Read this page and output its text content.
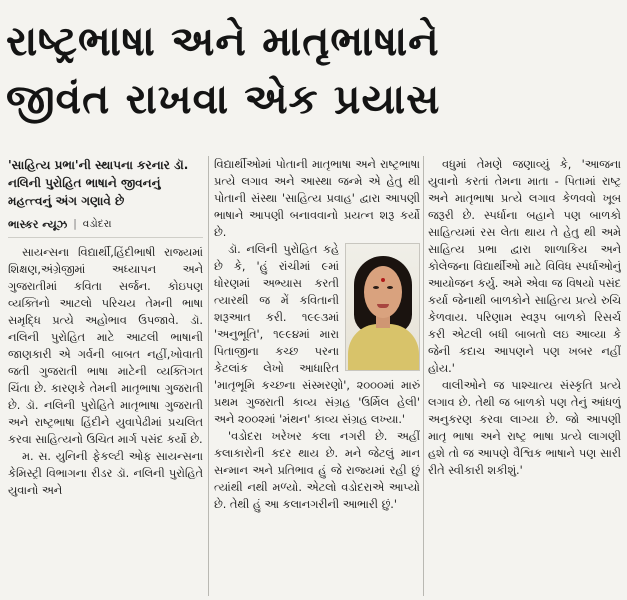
રાષ્ટ્રભાષા અને માતૃભાષાને
જીવંત રાખવા એક પ્રયાસ
'સાહિત્ય પ્રભા'ની સ્થાપના કરનાર ડૉ. નલિની પુરોહિત ભાષાને જીવનનું મહત્ત્વનું અંગ ગણાવે છે
ભાસ્કર ન્યૂઝ | વડોદરા

સાયન્સના વિદ્યાર્થી,હિંદીભાષી રાજ્યમાં શિક્ષણ,અંગ્રેજીમાં અધ્યાપન અને ગુજરાતીમાં કવિતા સર્જન. કોઇપણ વ્યક્તિનો આટલો પરિચય તેમની ભાષા સમૃદ્ધિ પ્રત્યે અહોભાવ ઉપજાવે. ડૉ. નલિની પુરોહિત માટે આટલી ભાષાની જાણકારી એ ગર્વની બાબત નહીં,ખોવાતી જતી ગુજરાતી ભાષા માટેની વ્યક્તિગત ચિંતા છે. કારણકે તેમની માતૃભાષા ગુજરાતી છે. ડૉ. નલિની પુરોહિતે માતૃભાષા ગુજરાતી અને રાષ્ટ્રભાષા હિંદીને યુવાપેઢીમાં પ્રચલિત કરવા સાહિત્યનો ઉચિત માર્ગ પસંદ કર્યો છે.

મ. સ. યુનિની ફેકલ્ટી ઓફ સાયન્સના કેમિસ્ટ્રી વિભાગના રીડર ડૉ. નલિની પુરોહિતે યુવાનો અને

વિદ્યાર્થીઓમાં પોતાની માતૃભાષા અને રાષ્ટ્રભાષા પ્રત્યે લગાવ અને આસ્થા જન્મે એ હેતુ થી પોતાની સંસ્થા 'સાહિત્ય પ્રવાહ' દ્વારા આપણી ભાષાને આપણી બનાવવાનો પ્રયત્ન શરૂ કર્યો છે.

ડૉ. નલિની પુરોહિત કહે છે કે, 'હું રાંચીમાં ૯માં ધોરણમાં અભ્યાસ કરતી ત્યારથી જ મેં કવિતાની શરૂઆત કરી. ૧૯૯૩માં 'અનુભૂતિ', ૧૯૯૪માં મારા પિતાજીના કચ્છ પરના કેટલાંક લેખો આધારિત 'માતૃભૂમિ કચ્છના સંસ્મરણો', ૨૦૦૦માં મારું પ્રથમ ગુજરાતી કાવ્ય સંગ્રહ 'ઉર્મિલ હેલી' અને ૨૦૦૨માં 'મંથન' કાવ્ય સંગ્રહ લખ્યા.'

'વડોદરા ખરેખર કલા નગરી છે. અહીં કલાકારોની કદર થાય છે. મને જેટલું માન સન્માન અને પ્રતિભાવ હું જે રાજ્યમાં રહી છું ત્યાંથી નથી મળ્યો. એટલો વડોદરાએ આપ્યો છે. તેથી હું આ કલાનગરીની આભારી છું.'

વધુમાં તેમણે જણાવ્યું કે, 'આજના યુવાનો કરતાં તેમના માતા - પિતામાં રાષ્ટ્ર અને માતૃભાષા પ્રત્યે લગાવ કેળવવો ખૂબ જરૂરી છે. સ્પર્ધાના બહાને પણ બાળકો સાહિત્યમાં રસ લેતા થાય તે હેતુ થી અમે સાહિત્ય પ્રભા દ્વારા શાળાકિય અને કોલેજના વિદ્યાર્થીઓ માટે વિવિધ સ્પર્ધાઓનું આયોજન કર્યુ. અમે એવા જ વિષયો પસંદ કર્યા જેનાથી બાળકોને સાહિત્ય પ્રત્યે રુચિ કેળવાય. પરિણામ સ્વરૂપ બાળકો રિસર્ચ કરી એટલી બધી બાબતો લઇ આવ્યા કે જેની કદાચ આપણને પણ ખબર નહીં હોય.'

વાલીઓને જ પાશ્ચાત્ય સંસ્કૃતિ પ્રત્યે લગાવ છે. તેથી જ બાળકો પણ તેનું આંધળું અનુકરણ કરવા લાગ્યા છે. જો આપણી માતૃ ભાષા અને રાષ્ટ્ર ભાષા પ્રત્યે લાગણી હશે તો જ આપણે વૈશ્વિક ભાષાને પણ સારી રીતે સ્વીકારી શકીશું.'
